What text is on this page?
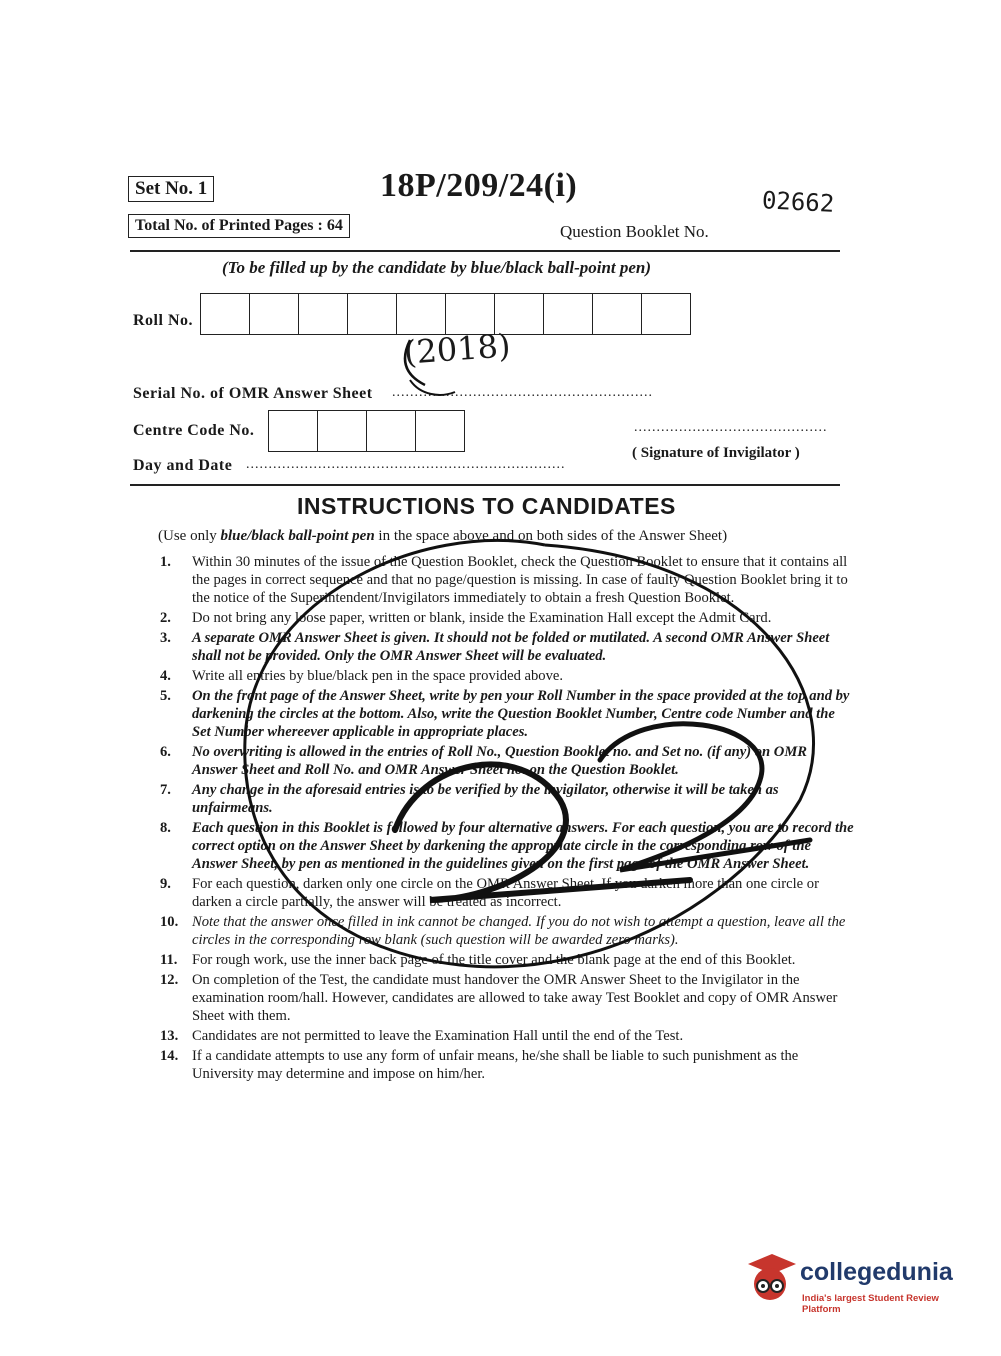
Set No. 1
Total No. of Printed Pages : 64
18P/209/24(i)	02662
Question Booklet No.
(To be filled up by the candidate by blue/black ball-point pen)
Roll No.
(2018)
Serial No. of OMR Answer Sheet ..........................................................
Centre Code No.
Day and Date .......................................................................
...........................................
( Signature of Invigilator )
INSTRUCTIONS TO CANDIDATES
(Use only blue/black ball-point pen in the space above and on both sides of the Answer Sheet)
1.	Within 30 minutes of the issue of the Question Booklet, check the Question Booklet to ensure that it contains all the pages in correct sequence and that no page/question is missing. In case of faulty Question Booklet bring it to the notice of the Superintendent/Invigilators immediately to obtain a fresh Question Booklet.
2.	Do not bring any loose paper, written or blank, inside the Examination Hall except the Admit Card.
3.	A separate OMR Answer Sheet is given. It should not be folded or mutilated. A second OMR Answer Sheet shall not be provided. Only the OMR Answer Sheet will be evaluated.
4.	Write all entries by blue/black pen in the space provided above.
5.	On the front page of the Answer Sheet, write by pen your Roll Number in the space provided at the top and by darkening the circles at the bottom. Also, write the Question Booklet Number, Centre code Number and the Set Number whereever applicable in appropriate places.
6.	No overwriting is allowed in the entries of Roll No., Question Booklet no. and Set no. (if any) on OMR Answer Sheet and Roll No. and OMR Answer Sheet no. on the Question Booklet.
7.	Any change in the aforesaid entries is to be verified by the invigilator, otherwise it will be taken as unfairmeans.
8.	Each question in this Booklet is followed by four alternative answers. For each question, you are to record the correct option on the Answer Sheet by darkening the appropriate circle in the corresponding row of the Answer Sheet, by pen as mentioned in the guidelines given on the first page of the OMR Answer Sheet.
9.	For each question, darken only one circle on the OMR Answer Sheet. If you darken more than one circle or darken a circle partially, the answer will be treated as incorrect.
10. Note that the answer once filled in ink cannot be changed. If you do not wish to attempt a question, leave all the circles in the corresponding row blank (such question will be awarded zero marks).
11. For rough work, use the inner back page of the title cover and the blank page at the end of this Booklet.
12. On completion of the Test, the candidate must handover the OMR Answer Sheet to the Invigilator in the examination room/hall. However, candidates are allowed to take away Test Booklet and copy of OMR Answer Sheet with them.
13. Candidates are not permitted to leave the Examination Hall until the end of the Test.
14. If a candidate attempts to use any form of unfair means, he/she shall be liable to such punishment as the University may determine and impose on him/her.
collegedunia
India's largest Student Review Platform
